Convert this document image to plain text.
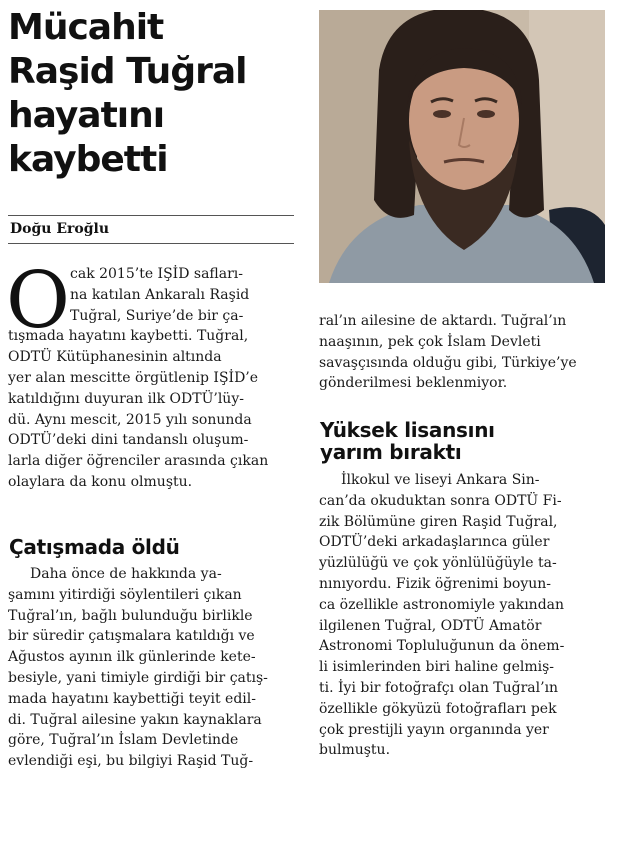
Mücahit
Raşid Tuğral
hayatını
kaybetti
Doğu Eroğlu
O cak 2015’te IŞİD safları-
na katılan Ankaralı Raşid
Tuğral, Suriye’de bir ça-
tışmada hayatını kaybetti. Tuğral,
ODTÜ Kütüphanesinin altında
yer alan mescitte örgütlenip IŞİD’e
katıldığını duyuran ilk ODTÜ’lüy-
dü. Aynı mescit, 2015 yılı sonunda
ODTÜ’deki dini tandanslı oluşum-
larla diğer öğrenciler arasında çıkan
olaylara da konu olmuştu.
Çatışmada öldü
Daha önce de hakkında ya-
şamını yitirdiği söylentileri çıkan
Tuğral’ın, bağlı bulunduğu birlikle
bir süredir çatışmalara katıldığı ve
Ağustos ayının ilk günlerinde kete-
besiyle, yani timiyle girdiği bir çatış-
mada hayatını kaybettiği teyit edil-
di. Tuğral ailesine yakın kaynaklara
göre, Tuğral’ın İslam Devletinde
evlendiği eşi, bu bilgiyi Raşid Tuğ-
ral’ın ailesine de aktardı. Tuğral’ın
naaşının, pek çok İslam Devleti
savaşçısında olduğu gibi, Türkiye’ye
gönderilmesi beklenmiyor.
Yüksek lisansını
yarım bıraktı
İlkokul ve liseyi Ankara Sin-
can’da okuduktan sonra ODTÜ Fi-
zik Bölümüne giren Raşid Tuğral,
ODTÜ’deki arkadaşlarınca güler
yüzlülüğü ve çok yönlülüğüyle ta-
nınıyordu. Fizik öğrenimi boyun-
ca özellikle astronomiyle yakından
ilgilenen Tuğral, ODTÜ Amatör
Astronomi Topluluğunun da önem-
li isimlerinden biri haline gelmiş-
ti. İyi bir fotoğrafçı olan Tuğral’ın
özellikle gökyüzü fotoğrafları pek
çok prestijli yayın organında yer
bulmuştu.
